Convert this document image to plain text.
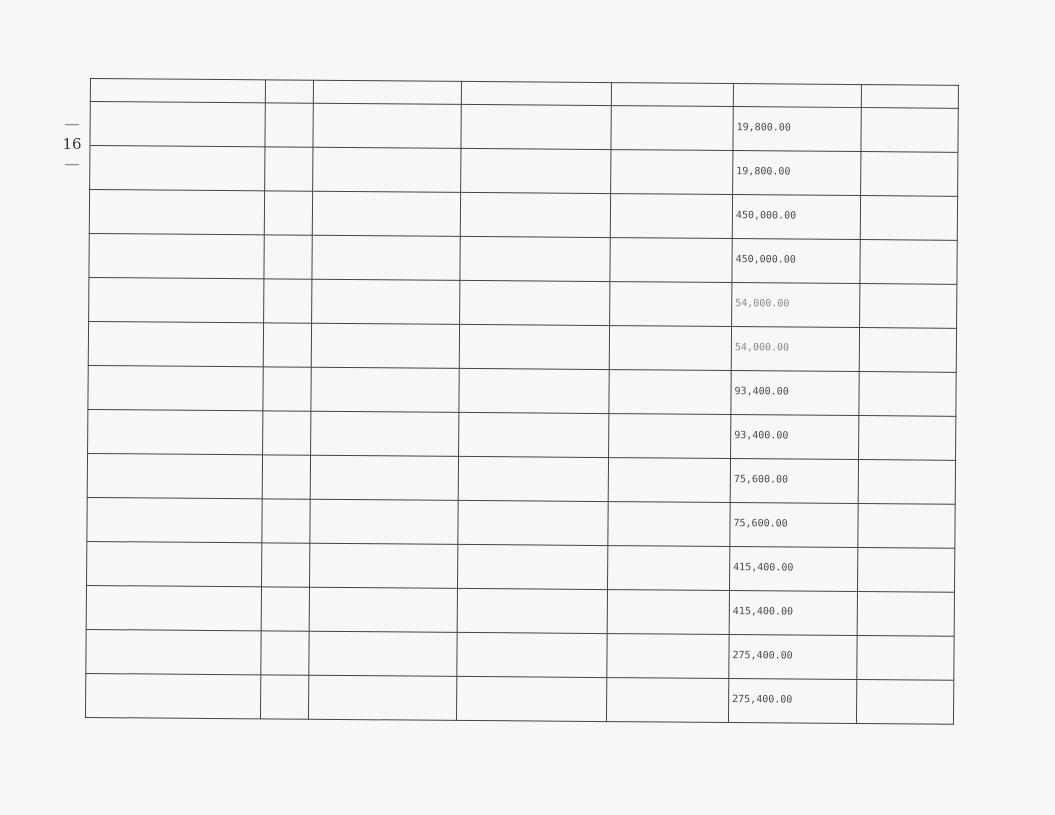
—
16
—

					19,800.00	
					19,800.00	
					450,000.00	
					450,000.00	
					54,000.00	
					54,000.00	
					93,400.00	
					93,400.00	
					75,600.00	
					75,600.00	
					415,400.00	
					415,400.00	
					275,400.00	
					275,400.00	
